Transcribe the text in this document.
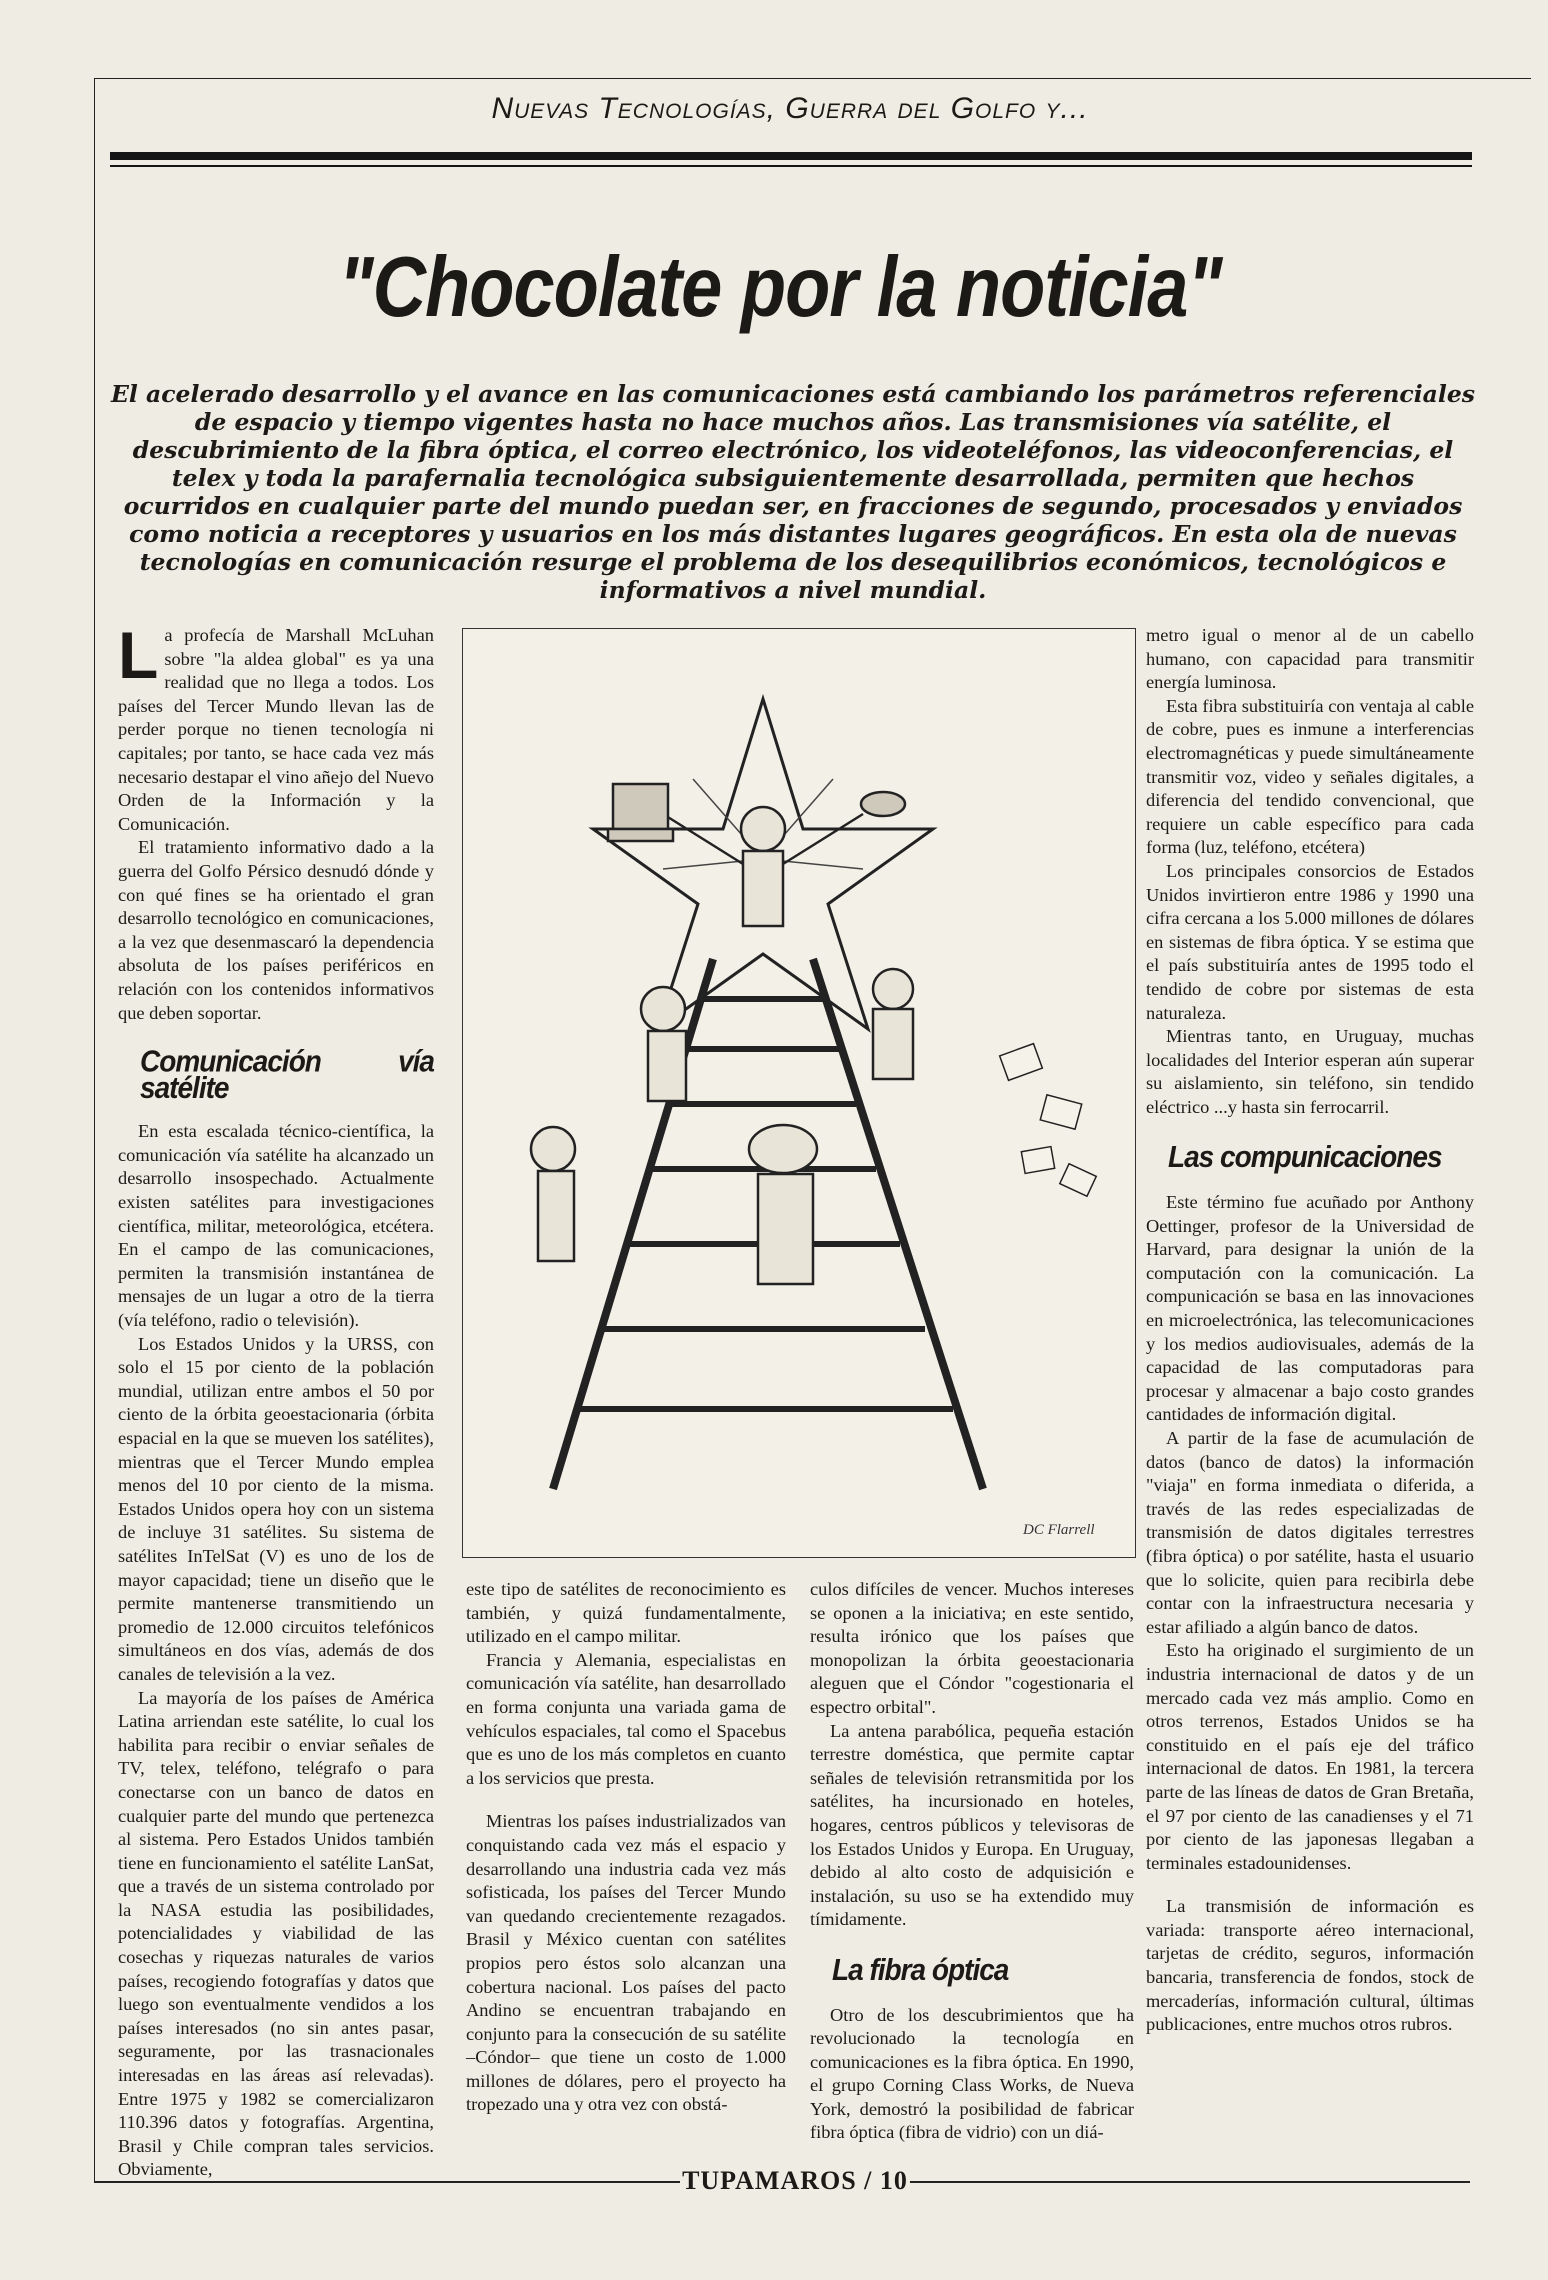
Nuevas Tecnologías, Guerra del Golfo y...
"Chocolate por la noticia"
El acelerado desarrollo y el avance en las comunicaciones está cambiando los parámetros referenciales de espacio y tiempo vigentes hasta no hace muchos años. Las transmisiones vía satélite, el descubrimiento de la fibra óptica, el correo electrónico, los videoteléfonos, las videoconferencias, el telex y toda la parafernalia tecnológica subsiguientemente desarrollada, permiten que hechos ocurridos en cualquier parte del mundo puedan ser, en fracciones de segundo, procesados y enviados como noticia a receptores y usuarios en los más distantes lugares geográficos. En esta ola de nuevas tecnologías en comunicación resurge el problema de los desequilibrios económicos, tecnológicos e informativos a nivel mundial.

La profecía de Marshall McLuhan sobre "la aldea global" es ya una realidad que no llega a todos. Los países del Tercer Mundo llevan las de perder porque no tienen tecnología ni capitales; por tanto, se hace cada vez más necesario destapar el vino añejo del Nuevo Orden de la Información y la Comunicación.

El tratamiento informativo dado a la guerra del Golfo Pérsico desnudó dónde y con qué fines se ha orientado el gran desarrollo tecnológico en comunicaciones, a la vez que desenmascaró la dependencia absoluta de los países periféricos en relación con los contenidos informativos que deben soportar.

Comunicación vía satélite

En esta escalada técnico-científica, la comunicación vía satélite ha alcanzado un desarrollo insospechado. Actualmente existen satélites para investigaciones científica, militar, meteorológica, etcétera. En el campo de las comunicaciones, permiten la transmisión instantánea de mensajes de un lugar a otro de la tierra (vía teléfono, radio o televisión).

Los Estados Unidos y la URSS, con solo el 15 por ciento de la población mundial, utilizan entre ambos el 50 por ciento de la órbita geoestacionaria (órbita espacial en la que se mueven los satélites), mientras que el Tercer Mundo emplea menos del 10 por ciento de la misma. Estados Unidos opera hoy con un sistema de incluye 31 satélites. Su sistema de satélites InTelSat (V) es uno de los de mayor capacidad; tiene un diseño que le permite mantenerse transmitiendo un promedio de 12.000 circuitos telefónicos simultáneos en dos vías, además de dos canales de televisión a la vez.

La mayoría de los países de América Latina arriendan este satélite, lo cual los habilita para recibir o enviar señales de TV, telex, teléfono, telégrafo o para conectarse con un banco de datos en cualquier parte del mundo que pertenezca al sistema. Pero Estados Unidos también tiene en funcionamiento el satélite LanSat, que a través de un sistema controlado por la NASA estudia las posibilidades, potencialidades y viabilidad de las cosechas y riquezas naturales de varios países, recogiendo fotografías y datos que luego son eventualmente vendidos a los países interesados (no sin antes pasar, seguramente, por las trasnacionales interesadas en las áreas así relevadas). Entre 1975 y 1982 se comercializaron 110.396 datos y fotografías. Argentina, Brasil y Chile compran tales servicios. Obviamente,

DC Flarrell

este tipo de satélites de reconocimiento es también, y quizá fundamentalmente, utilizado en el campo militar.

Francia y Alemania, especialistas en comunicación vía satélite, han desarrollado en forma conjunta una variada gama de vehículos espaciales, tal como el Spacebus que es uno de los más completos en cuanto a los servicios que presta.

Mientras los países industrializados van conquistando cada vez más el espacio y desarrollando una industria cada vez más sofisticada, los países del Tercer Mundo van quedando crecientemente rezagados. Brasil y México cuentan con satélites propios pero éstos solo alcanzan una cobertura nacional. Los países del pacto Andino se encuentran trabajando en conjunto para la consecución de su satélite –Cóndor– que tiene un costo de 1.000 millones de dólares, pero el proyecto ha tropezado una y otra vez con obstá-

culos difíciles de vencer. Muchos intereses se oponen a la iniciativa; en este sentido, resulta irónico que los países que monopolizan la órbita geoestacionaria aleguen que el Cóndor "cogestionaria el espectro orbital".

La antena parabólica, pequeña estación terrestre doméstica, que permite captar señales de televisión retransmitida por los satélites, ha incursionado en hoteles, hogares, centros públicos y televisoras de los Estados Unidos y Europa. En Uruguay, debido al alto costo de adquisición e instalación, su uso se ha extendido muy tímidamente.

La fibra óptica

Otro de los descubrimientos que ha revolucionado la tecnología en comunicaciones es la fibra óptica. En 1990, el grupo Corning Class Works, de Nueva York, demostró la posibilidad de fabricar fibra óptica (fibra de vidrio) con un diá-

metro igual o menor al de un cabello humano, con capacidad para transmitir energía luminosa.

Esta fibra substituiría con ventaja al cable de cobre, pues es inmune a interferencias electromagnéticas y puede simultáneamente transmitir voz, video y señales digitales, a diferencia del tendido convencional, que requiere un cable específico para cada forma (luz, teléfono, etcétera)

Los principales consorcios de Estados Unidos invirtieron entre 1986 y 1990 una cifra cercana a los 5.000 millones de dólares en sistemas de fibra óptica. Y se estima que el país substituiría antes de 1995 todo el tendido de cobre por sistemas de esta naturaleza.

Mientras tanto, en Uruguay, muchas localidades del Interior esperan aún superar su aislamiento, sin teléfono, sin tendido eléctrico ...y hasta sin ferrocarril.

Las compunicaciones

Este término fue acuñado por Anthony Oettinger, profesor de la Universidad de Harvard, para designar la unión de la computación con la comunicación. La compunicación se basa en las innovaciones en microelectrónica, las telecomunicaciones y los medios audiovisuales, además de la capacidad de las computadoras para procesar y almacenar a bajo costo grandes cantidades de información digital.

A partir de la fase de acumulación de datos (banco de datos) la información "viaja" en forma inmediata o diferida, a través de las redes especializadas de transmisión de datos digitales terrestres (fibra óptica) o por satélite, hasta el usuario que lo solicite, quien para recibirla debe contar con la infraestructura necesaria y estar afiliado a algún banco de datos.

Esto ha originado el surgimiento de un industria internacional de datos y de un mercado cada vez más amplio. Como en otros terrenos, Estados Unidos se ha constituido en el país eje del tráfico internacional de datos. En 1981, la tercera parte de las líneas de datos de Gran Bretaña, el 97 por ciento de las canadienses y el 71 por ciento de las japonesas llegaban a terminales estadounidenses.

La transmisión de información es variada: transporte aéreo internacional, tarjetas de crédito, seguros, información bancaria, transferencia de fondos, stock de mercaderías, información cultural, últimas publicaciones, entre muchos otros rubros.

TUPAMAROS / 10
